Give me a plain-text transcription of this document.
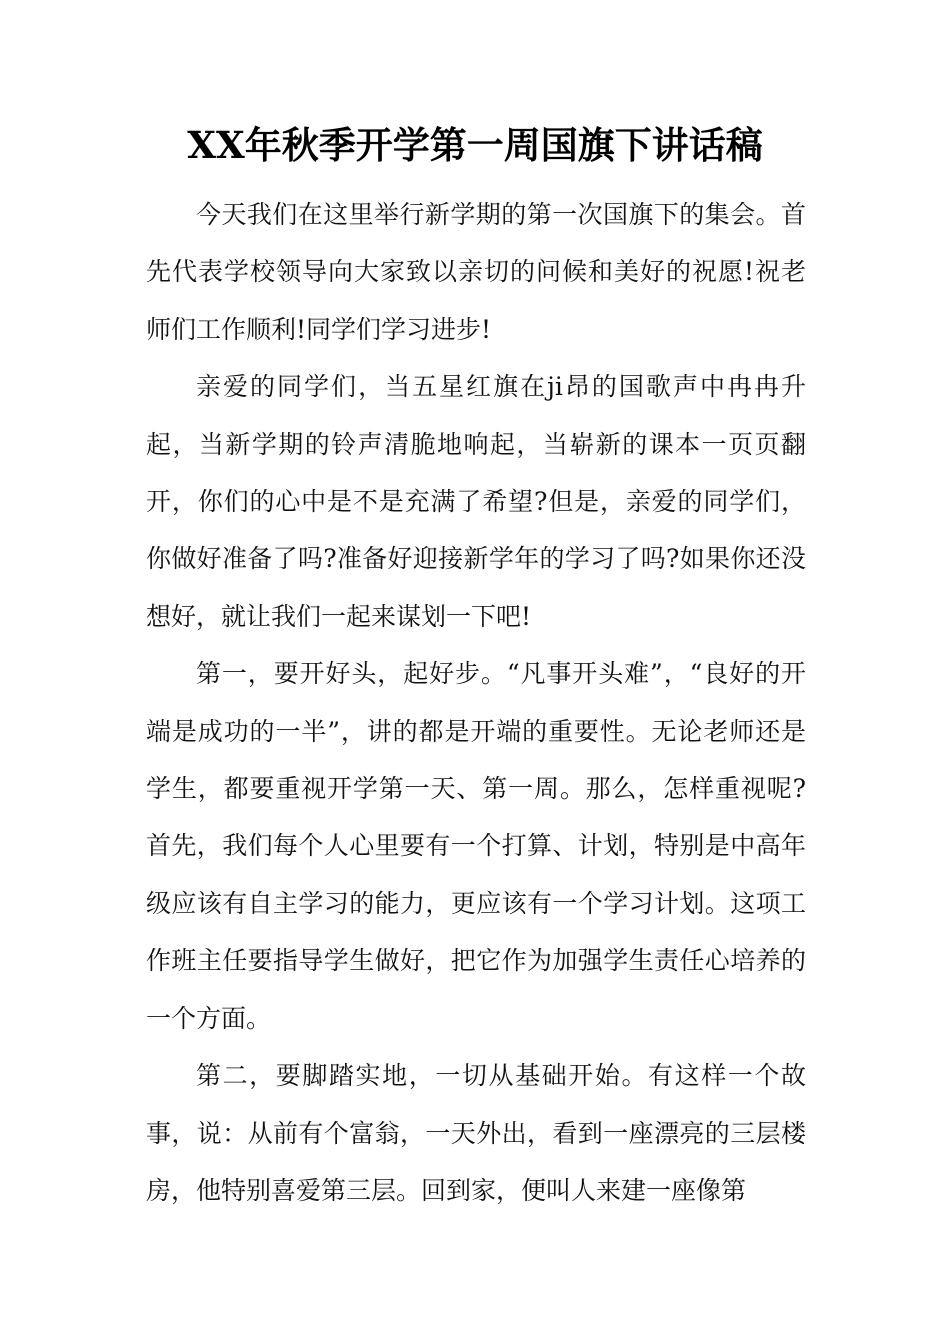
XX年秋季开学第一周国旗下讲话稿

今天我们在这里举行新学期的第一次国旗下的集会。首先代表学校领导向大家致以亲切的问候和美好的祝愿!祝老师们工作顺利!同学们学习进步!

亲爱的同学们，当五星红旗在ji昂的国歌声中冉冉升起，当新学期的铃声清脆地响起，当崭新的课本一页页翻开，你们的心中是不是充满了希望?但是，亲爱的同学们，你做好准备了吗?准备好迎接新学年的学习了吗?如果你还没想好，就让我们一起来谋划一下吧!

第一，要开好头，起好步。“凡事开头难”，“良好的开端是成功的一半”，讲的都是开端的重要性。无论老师还是学生，都要重视开学第一天、第一周。那么，怎样重视呢?首先，我们每个人心里要有一个打算、计划，特别是中高年级应该有自主学习的能力，更应该有一个学习计划。这项工作班主任要指导学生做好，把它作为加强学生责任心培养的一个方面。

第二，要脚踏实地，一切从基础开始。有这样一个故事，说：从前有个富翁，一天外出，看到一座漂亮的三层楼房，他特别喜爱第三层。回到家，便叫人来建一座像第
